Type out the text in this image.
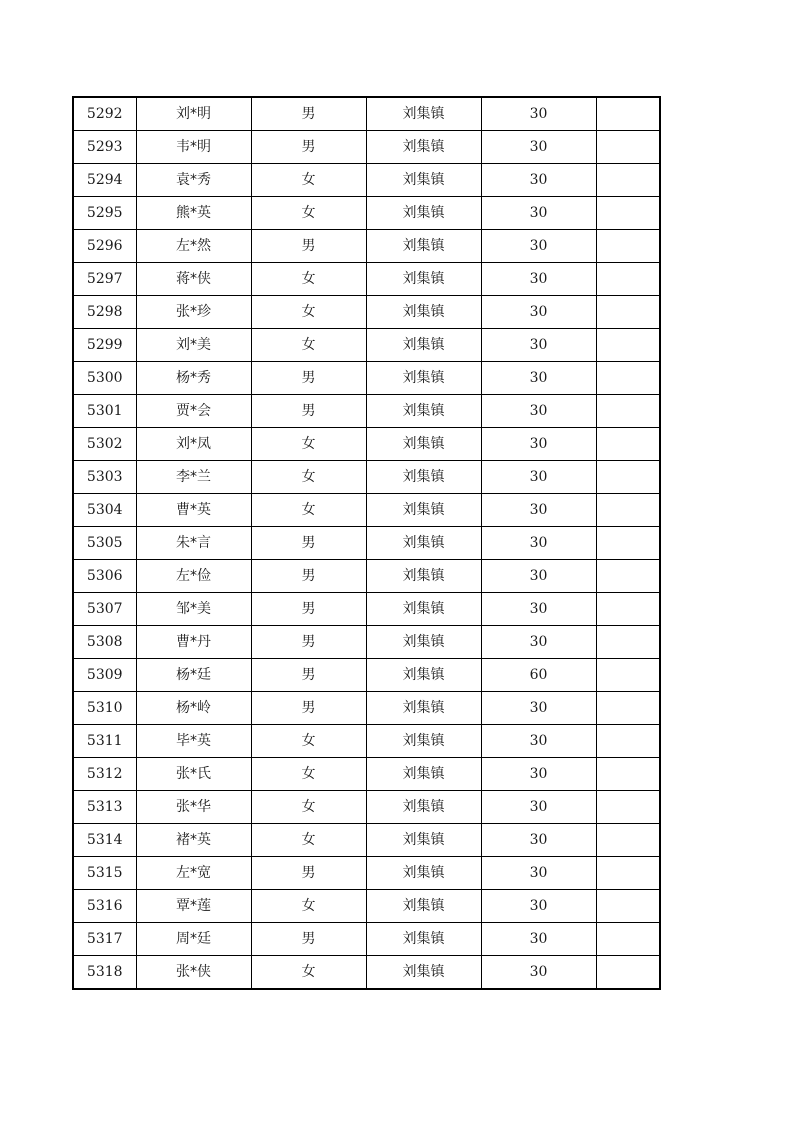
5292	刘*明	男	刘集镇	30	
5293	韦*明	男	刘集镇	30	
5294	袁*秀	女	刘集镇	30	
5295	熊*英	女	刘集镇	30	
5296	左*然	男	刘集镇	30	
5297	蒋*侠	女	刘集镇	30	
5298	张*珍	女	刘集镇	30	
5299	刘*美	女	刘集镇	30	
5300	杨*秀	男	刘集镇	30	
5301	贾*会	男	刘集镇	30	
5302	刘*凤	女	刘集镇	30	
5303	李*兰	女	刘集镇	30	
5304	曹*英	女	刘集镇	30	
5305	朱*言	男	刘集镇	30	
5306	左*俭	男	刘集镇	30	
5307	邹*美	男	刘集镇	30	
5308	曹*丹	男	刘集镇	30	
5309	杨*廷	男	刘集镇	60	
5310	杨*岭	男	刘集镇	30	
5311	毕*英	女	刘集镇	30	
5312	张*氏	女	刘集镇	30	
5313	张*华	女	刘集镇	30	
5314	褚*英	女	刘集镇	30	
5315	左*宽	男	刘集镇	30	
5316	覃*莲	女	刘集镇	30	
5317	周*廷	男	刘集镇	30	
5318	张*侠	女	刘集镇	30	
